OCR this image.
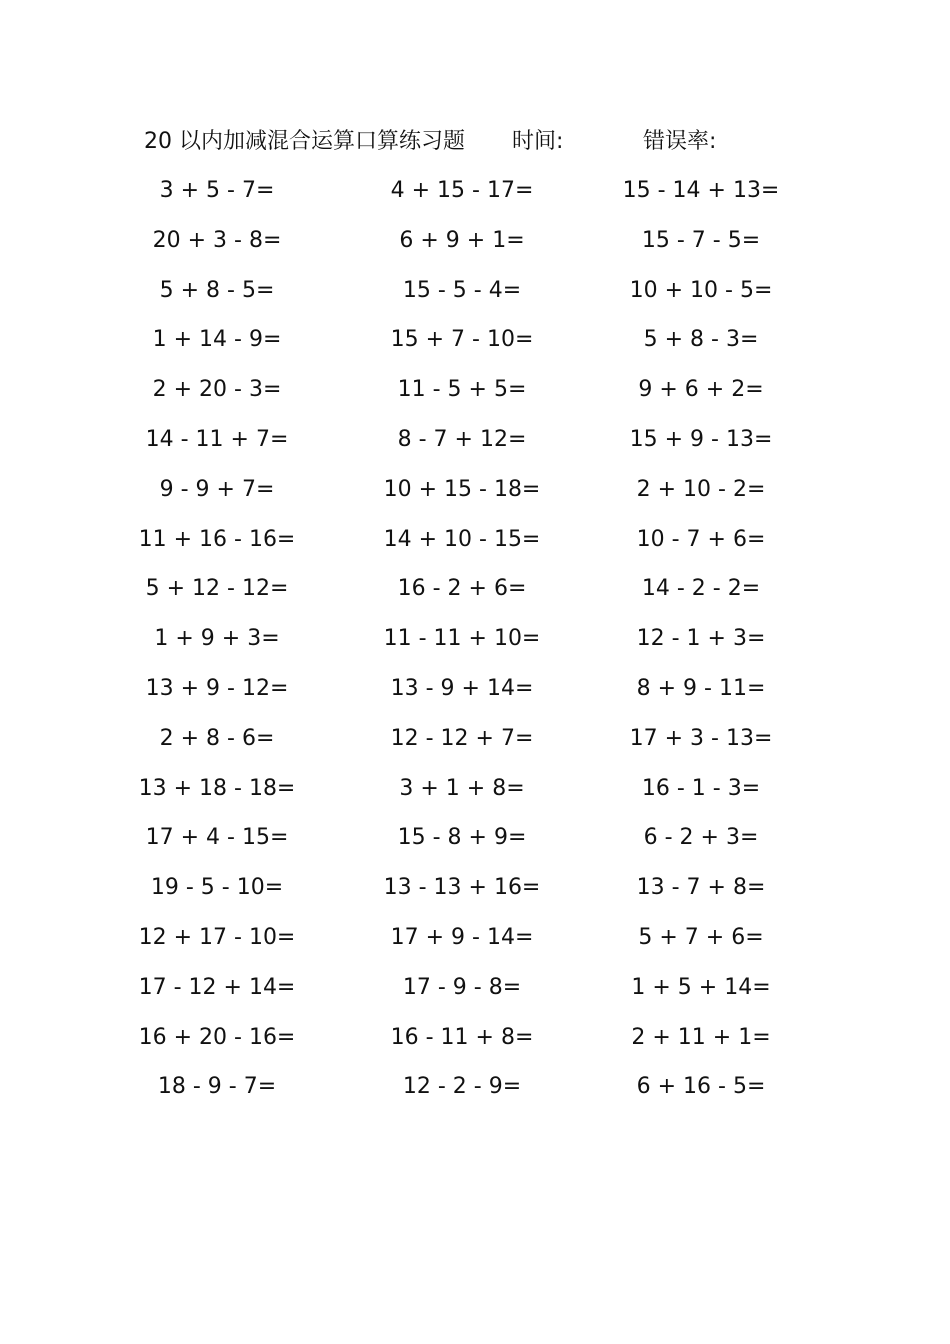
20 以内加减混合运算口算练习题 时间:	错误率:
3 + 5 - 7=	4 + 15 - 17=	15 - 14 + 13=
20 + 3 - 8=	6 + 9 + 1=	15 - 7 - 5=
5 + 8 - 5=	15 - 5 - 4=	10 + 10 - 5=
1 + 14 - 9=	15 + 7 - 10=	5 + 8 - 3=
2 + 20 - 3=	11 - 5 + 5=	9 + 6 + 2=
14 - 11 + 7=	8 - 7 + 12=	15 + 9 - 13=
9 - 9 + 7=	10 + 15 - 18=	2 + 10 - 2=
11 + 16 - 16=	14 + 10 - 15=	10 - 7 + 6=
5 + 12 - 12=	16 - 2 + 6=	14 - 2 - 2=
1 + 9 + 3=	11 - 11 + 10=	12 - 1 + 3=
13 + 9 - 12=	13 - 9 + 14=	8 + 9 - 11=
2 + 8 - 6=	12 - 12 + 7=	17 + 3 - 13=
13 + 18 - 18=	3 + 1 + 8=	16 - 1 - 3=
17 + 4 - 15=	15 - 8 + 9=	6 - 2 + 3=
19 - 5 - 10=	13 - 13 + 16=	13 - 7 + 8=
12 + 17 - 10=	17 + 9 - 14=	5 + 7 + 6=
17 - 12 + 14=	17 - 9 - 8=	1 + 5 + 14=
16 + 20 - 16=	16 - 11 + 8=	2 + 11 + 1=
18 - 9 - 7=	12 - 2 - 9=	6 + 16 - 5=
